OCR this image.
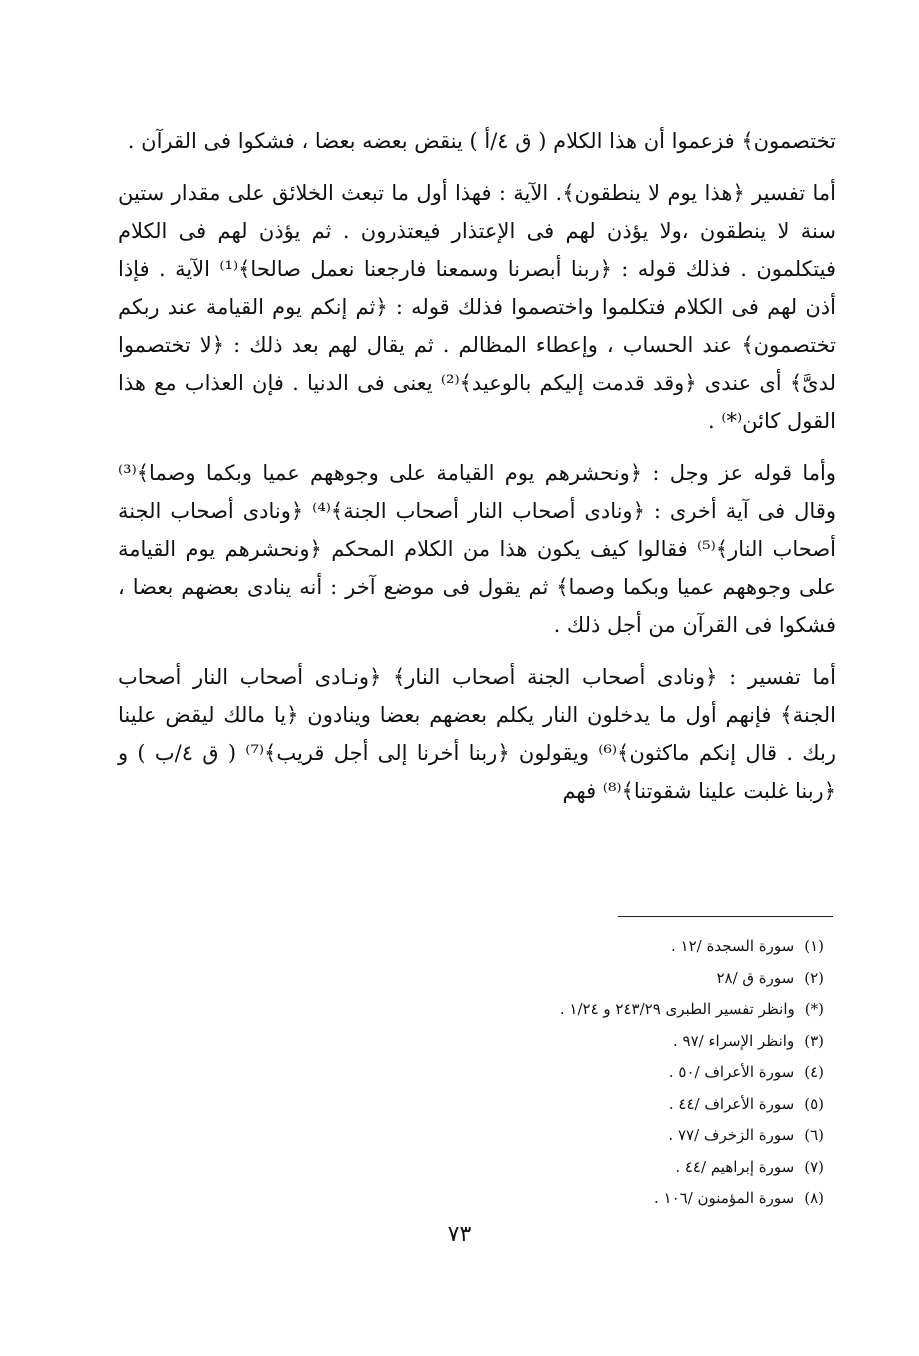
تختصمون﴾ فزعموا أن هذا الكلام ( ق ٤/أ ) ينقض بعضه بعضا ، فشكوا فى القرآن .

أما تفسير ﴿هذا يوم لا ينطقون﴾. الآية : فهذا أول ما تبعث الخلائق على مقدار ستين سنة لا ينطقون ،ولا يؤذن لهم فى الإعتذار فيعتذرون . ثم يؤذن لهم فى الكلام فيتكلمون . فذلك قوله : ﴿ربنا أبصرنا وسمعنا فارجعنا نعمل صالحا﴾⁽¹⁾ الآية . فإذا أذن لهم فى الكلام فتكلموا واختصموا فذلك قوله : ﴿ثم إنكم يوم القيامة عند ربكم تختصمون﴾ عند الحساب ، وإعطاء المظالم . ثم يقال لهم بعد ذلك : ﴿لا تختصموا لدىَّ﴾ أى عندى ﴿وقد قدمت إليكم بالوعيد﴾⁽²⁾ يعنى فى الدنيا . فإن العذاب مع هذا القول كائن⁽*⁾ .

وأما قوله عز وجل : ﴿ونحشرهم يوم القيامة على وجوههم عميا وبكما وصما﴾⁽³⁾ وقال فى آية أخرى : ﴿ونادى أصحاب النار أصحاب الجنة﴾⁽⁴⁾ ﴿ونادى أصحاب الجنة أصحاب النار﴾⁽⁵⁾ فقالوا كيف يكون هذا من الكلام المحكم ﴿ونحشرهم يوم القيامة على وجوههم عميا وبكما وصما﴾ ثم يقول فى موضع آخر : أنه ينادى بعضهم بعضا ، فشكوا فى القرآن من أجل ذلك .

أما تفسير : ﴿ونادى أصحاب الجنة أصحاب النار﴾ ﴿ونـادى أصحاب النار أصحاب الجنة﴾ فإنهم أول ما يدخلون النار يكلم بعضهم بعضا وينادون ﴿يا مالك ليقض علينا ربك . قال إنكم ماكثون﴾⁽⁶⁾ ويقولون ﴿ربنا أخرنا إلى أجل قريب﴾⁽⁷⁾ ( ق ٤/ب ) و ﴿ربنا غلبت علينا شقوتنا﴾⁽⁸⁾ فهم

(١)سورة السجدة /١٢ .
(٢)سورة ق /٢٨
(*)وانظر تفسير الطبرى ٢٤٣/٢٩ و ١/٢٤ .
(٣)وانظر الإسراء /٩٧ .
(٤)سورة الأعراف /٥٠ .
(٥)سورة الأعراف /٤٤ .
(٦)سورة الزخرف /٧٧ .
(٧)سورة إبراهيم /٤٤ .
(٨)سورة المؤمنون /١٠٦ .
٧٣
